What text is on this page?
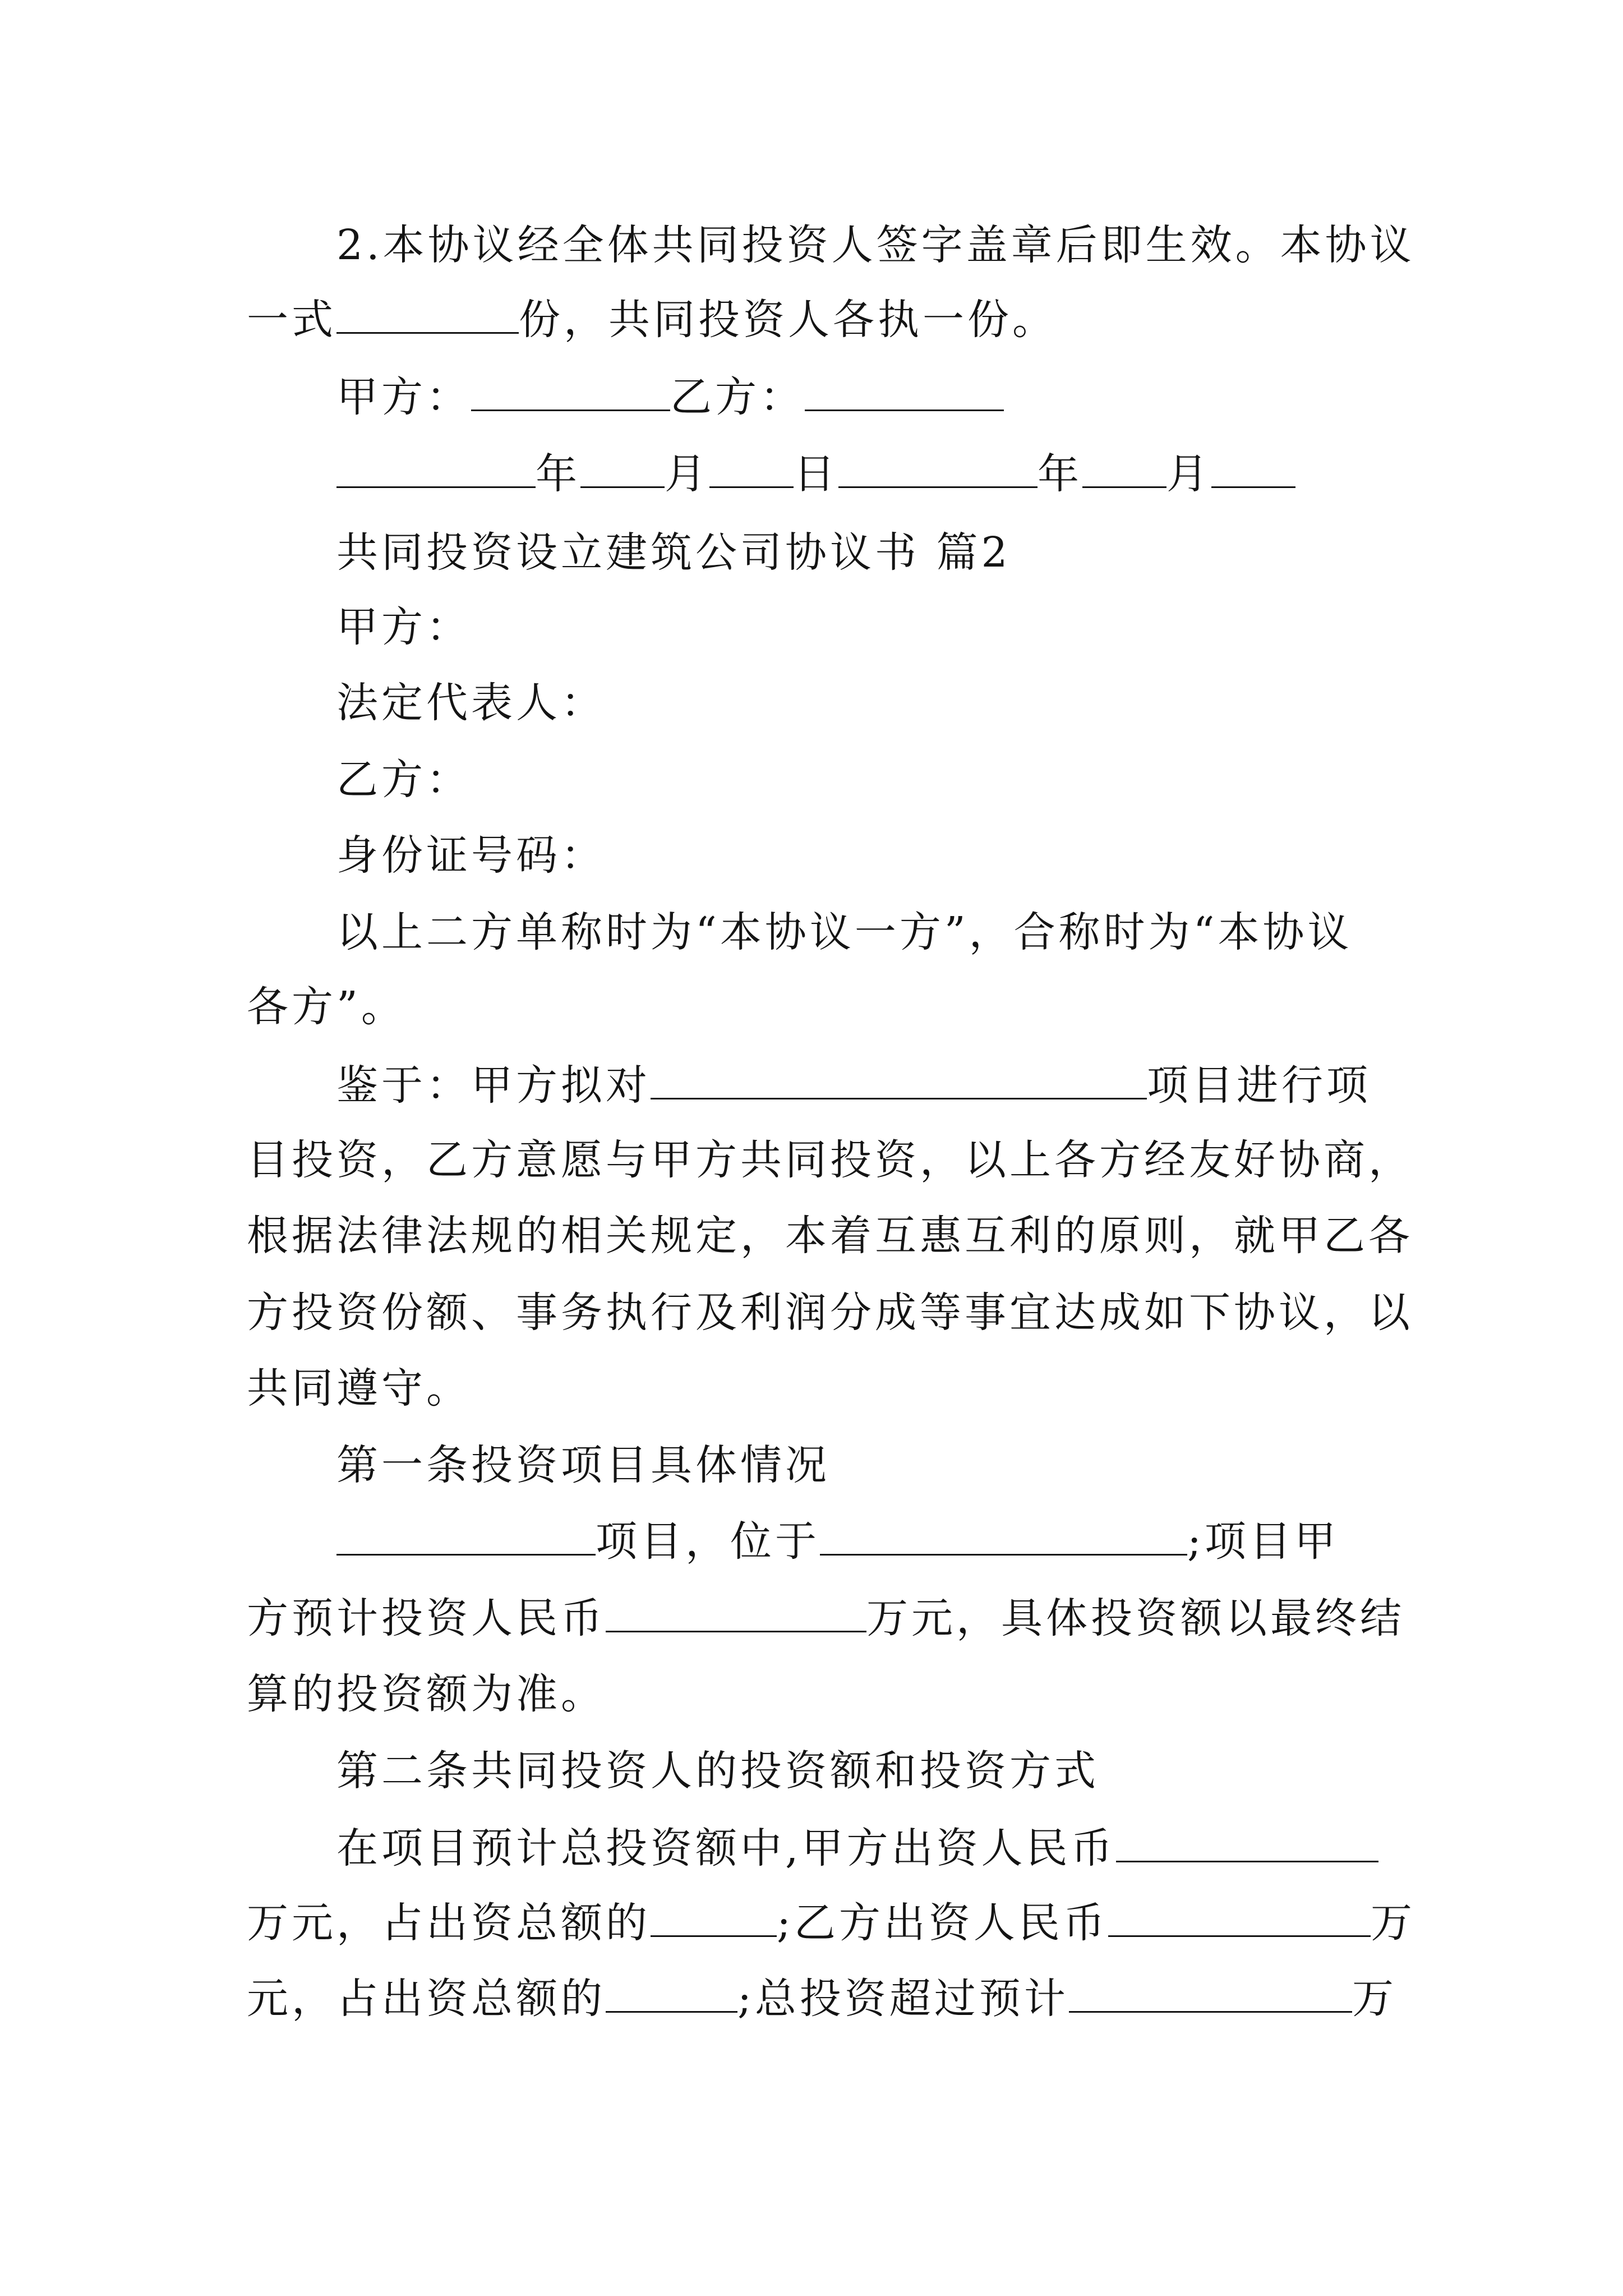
2.本协议经全体共同投资人签字盖章后即生效。本协议
一式	份，共同投资人各执一份。
甲方：	乙方：
年 月 日	年 月
共同投资设立建筑公司协议书 篇2
甲方：
法定代表人：
乙方：
身份证号码：
以上二方单称时为“本协议一方”，合称时为“本协议
各方”。
鉴于：甲方拟对	项目进行项
目投资，乙方意愿与甲方共同投资，以上各方经友好协商，
根据法律法规的相关规定，本着互惠互利的原则，就甲乙各
方投资份额、事务执行及利润分成等事宜达成如下协议，以
共同遵守。
第一条投资项目具体情况
项目，位于	;项目甲
方预计投资人民币	万元，具体投资额以最终结
算的投资额为准。
第二条共同投资人的投资额和投资方式
在项目预计总投资额中,甲方出资人民币
万元，占出资总额的	;乙方出资人民币	万
元，占出资总额的	;总投资超过预计	万
